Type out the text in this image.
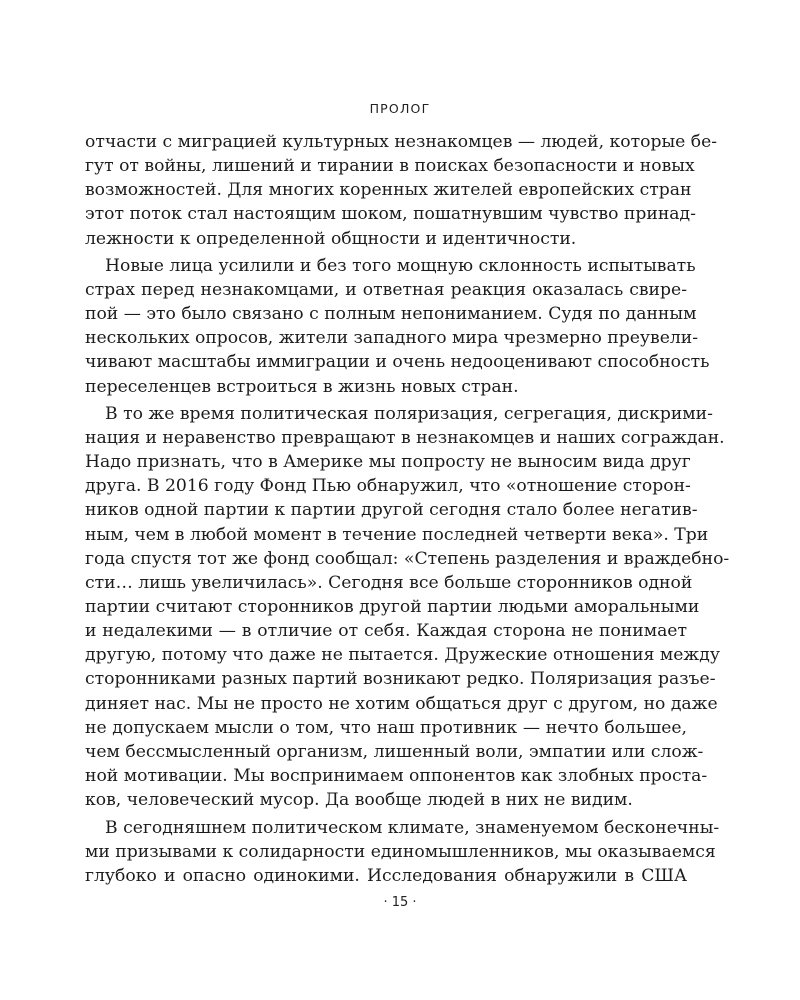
ПРОЛОГ
отчасти с миграцией культурных незнакомцев — людей, которые бе-
гут от войны, лишений и тирании в поисках безопасности и новых
возможностей. Для многих коренных жителей европейских стран
этот поток стал настоящим шоком, пошатнувшим чувство принад-
лежности к определенной общности и идентичности.
Новые лица усилили и без того мощную склонность испытывать
страх перед незнакомцами, и ответная реакция оказалась свире-
пой — это было связано с полным непониманием. Судя по данным
нескольких опросов, жители западного мира чрезмерно преувели-
чивают масштабы иммиграции и очень недооценивают способность
переселенцев встроиться в жизнь новых стран.
В то же время политическая поляризация, сегрегация, дискрими-
нация и неравенство превращают в незнакомцев и наших сограждан.
Надо признать, что в Америке мы попросту не выносим вида друг
друга. В 2016 году Фонд Пью обнаружил, что «отношение сторон-
ников одной партии к партии другой сегодня стало более негатив-
ным, чем в любой момент в течение последней четверти века». Три
года спустя тот же фонд сообщал: «Степень разделения и враждебно-
сти… лишь увеличилась». Сегодня все больше сторонников одной
партии считают сторонников другой партии людьми аморальными
и недалекими — в отличие от себя. Каждая сторона не понимает
другую, потому что даже не пытается. Дружеские отношения между
сторонниками разных партий возникают редко. Поляризация разъе-
диняет нас. Мы не просто не хотим общаться друг с другом, но даже
не допускаем мысли о том, что наш противник — нечто большее,
чем бессмысленный организм, лишенный воли, эмпатии или слож-
ной мотивации. Мы воспринимаем оппонентов как злобных проста-
ков, человеческий мусор. Да вообще людей в них не видим.
В сегодняшнем политическом климате, знаменуемом бесконечны-
ми призывами к солидарности единомышленников, мы оказываемся
глубоко и опасно одинокими. Исследования обнаружили в США
· 15 ·
